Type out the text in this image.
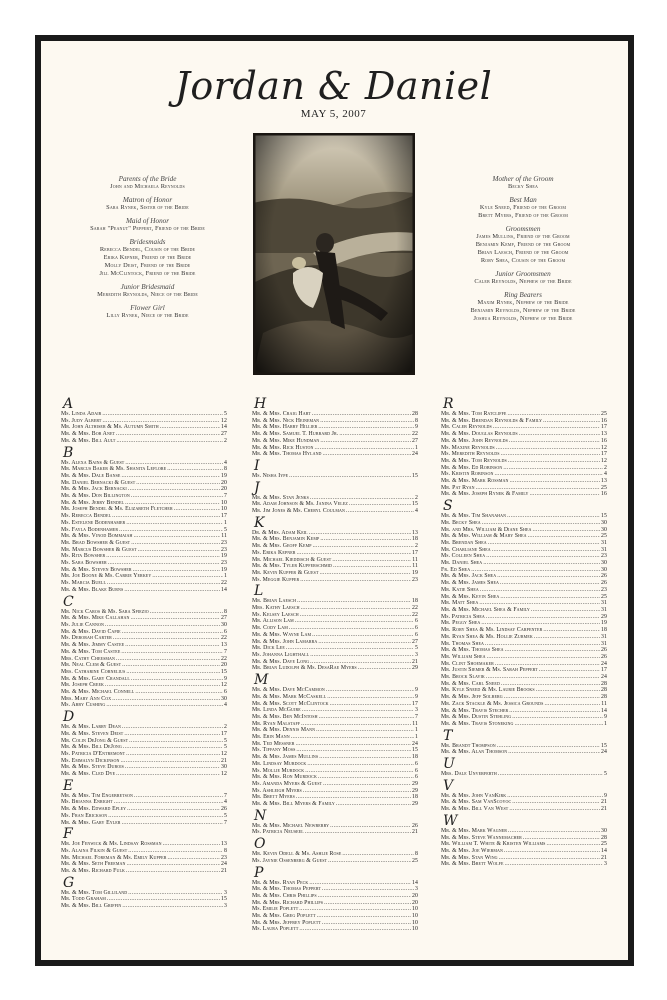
Jordan & Daniel
MAY 5, 2007
Parents of the Bride
John and Michaela Reynolds
Matron of Honor
Sara Rynek, Sister of the Bride
Maid of Honor
Sarah "Peanut" Peppert, Friend of the Bride
Bridesmaids
Rebecca Bendel, Cousin of the Bride
Erika Kepner, Friend of the Bride
Molly Deist, Friend of the Bride
Jill McClintock, Friend of the Bride
Junior Bridesmaid
Meredith Reynolds, Niece of the Bride
Flower Girl
Lilly Rynek, Niece of the Bride
Mother of the Groom
Becky Shea
Best Man
Kyle Sneed, Friend of the Groom
Brett Myers, Friend of the Groom
Groomsmen
James Mullins, Friend of the Groom
Benjamin Kemp, Friend of the Groom
Brian Laesch, Friend of the Groom
Rory Shea, Cousin of the Groom
Junior Groomsmen
Caleb Reynolds, Nephew of the Bride
Ring Bearers
Maxim Rynek, Nephew of the Bride
Benjamin Reynolds, Nephew of the Bride
Joshua Reynolds, Nephew of the Bride
A
Ms. Linda Adair .....	5
Ms. Judy Albert .....	12
Mr. John Althiser & Ms. Autumn Smith .....	14
Mr. & Mrs. Bob Anet .....	27
Mr. & Mrs. Bill Ault .....	2
B
Ms. Alexa Bains & Guest .....	4
Mr. Marcus Baker & Ms. Shanita Leflore .....	8
Mr. & Mrs. Dale Banse .....	19
Mr. Daniel Bernacki & Guest .....	20
Mr. & Mrs. Jack Bernacki .....	20
Mr. & Mrs. Don Billington .....	7
Mr. & Mrs. Jerry Bendel .....	10
Mr. Joseph Bendel & Ms. Elizabeth Fletcher .....	10
Ms. Rebecca Bendel .....	17
Ms. Estelene Bodenhamer .....	1
Ms. Fayla Bodenhamer .....	5
Mr. & Mrs. Vinod Bommaiah .....	11
Mr. Brad Bowsher & Guest .....	23
Mr. Marcus Bowsher & Guest .....	23
Ms. Rita Bowsher .....	19
Ms. Sara Bowsher .....	23
Mr. & Mrs. Steven Bowsher .....	19
Mr. Joe Boone & Ms. Carrie Yerkey .....	1
Ms. Marcia Buell .....	22
Mr. & Mrs. Blake Burns .....	14
C
Mr. Nick Caros & Ms. Sara Spiezio .....	8
Mr. & Mrs. Mike Callahan .....	27
Ms. Julie Cannon .....	30
Mr. & Mrs. David Capie .....	6
Ms. Deborah Carter .....	22
Mr. & Mrs. Jimmy Castee .....	13
Mr. & Mrs. Tom Castee .....	7
Mrs. Cathy Cheesman .....	22
Mr. Neal Clem & Guest .....	20
Mrs. Catharine Cornelius .....	15
Mr. & Mrs. Gary Crandall .....	9
Mr. Joseph Creek .....	12
Mr. & Mrs. Michael Connell .....	6
Mrs. Mary Ann Cox .....	30
Ms. Abby Cushing .....	4
D
Mr. & Mrs. Larry Dean .....	2
Mr. & Mrs. Steven Deist .....	17
Mr. Colin DeJong & Guest .....	5
Mr. & Mrs. Bill DeJong .....	5
Ms. Patricia D'Entremont .....	12
Ms. Emmalyn Dickinson .....	21
Mr. & Mrs. Steve Dubois .....	30
Mr. & Mrs. Cled Dye .....	12
E
Mr. & Mrs. Tim Engebretson .....	7
Ms. Brianna Enright .....	4
Mr. & Mrs. Edward Epley .....	26
Ms. Fran Erickson .....	5
Mr. & Mrs. Gary Eyler .....	7
F
Mr. Joe Fenwick & Ms. Lindsay Rossman .....	13
Ms. Alaina Filkin & Guest .....	8
Mr. Michael Foreman & Ms. Emily Kupper .....	23
Mr. & Mrs. Seth Freeman .....	24
Mr. & Mrs. Richard Fulk .....	21
G
Mr. & Mrs. Tom Gilliland .....	3
Mr. Todd Graham .....	15
Mr. & Mrs. Bill Griffin .....	3
H
Mr. & Mrs. Craig Hart .....	28
Mr. & Mrs. Nick Heineman .....	8
Mr. & Mrs. Harry Hillier .....	9
Mr. & Mrs. Samuel T. Hubbard Jr. .....	22
Mr. & Mrs. Mike Hundman .....	27
Mr. & Mrs. Rick Huston .....	1
Mr. & Mrs. Thomas Hyland .....	24
I
Ms. Nisha Iype .....	15
J
Mr. & Mrs. Stan Jenks .....	2
Mr. Adam Johnson & Ms. Janina Velez .....	15
Mr. Jim Jones & Ms. Cheryl Coulman .....	4
K
Dr. & Mrs. Adam Keil .....	13
Mr. & Mrs. Benjamin Kemp .....	18
Mr. & Mrs. Geoff Kemp .....	2
Ms. Erika Kepner .....	17
Mr. Michael Kieddisch & Guest .....	11
Mr. & Mrs. Tyler Kupferschmid .....	11
Mr. Kevin Kupper & Guest .....	19
Ms. Meggie Kupper .....	23
L
Mr. Brian Laesch .....	18
Mrs. Kathy Laesch .....	22
Ms. Kelsey Laesch .....	22
Mr. Allison Lam .....	6
Mr. Cody Lam .....	6
Mr. & Mrs. Wayne Lam .....	6
Mr. & Mrs. John Lamarra .....	27
Mr. Dick Lee .....	5
Ms. Johanna Lighthall .....	3
Mr. & Mrs. Dave Long .....	21
Mr. Brian Ludolph & Ms. DesaRae Myers .....	29
M
Mr. & Mrs. Dave McCammon .....	9
Mr. & Mrs. Mark McCaskell .....	9
Mr. & Mrs. Scott McClintock .....	17
Mr. Linda McGuire .....	3
Mr. & Mrs. Ben McIntosh .....	7
Mr. Ryan Malstaff .....	11
Mr. & Mrs. Dennis Mann .....	1
Mr. Erin Mann .....	1
Mr. Ted Messner .....	24
Ms. Tiffany Moss .....	15
Mr. & Mrs. James Mullins .....	18
Mr. Lindsay Murdock .....	6
Ms. Mollie Murdock .....	6
Mr. & Mrs. Ron Murdock .....	6
Ms. Amanda Myers & Guest .....	29
Ms. Ashleigh Myers .....	29
Mr. Brett Myers .....	18
Mr. & Mrs. Bill Myers & Family .....	29
N
Mr. & Mrs. Michael Newberry .....	26
Ms. Patricia Neuseel .....	21
O
Mr. Kevin Odell & Ms. Ashlie Rose .....	8
Ms. Jaynie Ossenberg & Guest .....	25
P
Mr. & Mrs. Ryan Peck .....	14
Mr. & Mrs. Thomas Peppert .....	3
Mr. & Mrs. Chris Phillips .....	20
Mr. & Mrs. Richard Phillips .....	20
Ms. Emilie Poplett .....	10
Mr. & Mrs. Greg Poplett .....	10
Mr. & Mrs. Jeffrey Poplett .....	10
Ms. Laura Poplett .....	10
R
Mr. & Mrs. Tom Ratcliffe .....	25
Mr. & Mrs. Brendan Reynolds & Family .....	16
Mr. Caleb Reynolds .....	17
Mr. & Mrs. Douglas Reynolds .....	13
Mr. & Mrs. John Reynolds .....	16
Ms. Maxine Reynolds .....	12
Ms. Meredith Reynolds .....	17
Mr. & Mrs. Tom Reynolds .....	12
Mr. & Mrs. Ed Robinson .....	2
Ms. Kristin Robinson .....	4
Mr. & Mrs. Mark Rossman .....	13
Mr. Pat Ryan .....	25
Mr. & Mrs. Joseph Rynek & Family .....	16
S
Mr. & Mrs. Tim Shanahan .....	15
Mr. Becky Shea .....	30
Mr. and Mrs. William & Diane Shea .....	30
Mr. & Mrs. William & Mary Shea .....	25
Mr. Brendan Shea .....	31
Mr. Charliane Shea .....	31
Ms. Colleen Shea .....	23
Mr. Daniel Shea .....	30
Fr. Ed Shea .....	30
Mr. & Mrs. Jack Shea .....	26
Mr. & Mrs. James Shea .....	26
Mr. Katie Shea .....	23
Mr. & Mrs. Kevin Shea .....	25
Mr. Matt Shea .....	31
Mr. & Mrs. Michael Shea & Family .....	31
Ms. Patricia Shea .....	29
Mr. Peggy Shea .....	19
Mr. Rory Shea & Ms. Lindsay Carpenter .....	18
Mr. Ryan Shea & Ms. Hollie Zurmek .....	31
Mr. Thomas Shea .....	31
Mr. & Mrs. Thomas Shea .....	26
Mr. William Shea .....	26
Mr. Clint Shoemaker .....	24
Mr. Justin Siemer & Ms. Sarah Peppert .....	17
Mr. Brock Slavik .....	24
Mr. & Mrs. Carl Sneed .....	28
Mr. Kyle Sneed & Ms. Laurie Brooks .....	28
Mr. & Mrs. Jeff Solberg .....	28
Mr. Zack Stackle & Ms. Jessica Grounds .....	11
Mr. & Mrs. Travis Stecher .....	14
Mr. & Mrs. Dustin Stehling .....	9
Mr. & Mrs. Travis Stoneking .....	1
T
Mr. Brandt Thompson .....	15
Mr. & Mrs. Alan Thomson .....	24
U
Mrs. Dale Unverferth .....	5
V
Mr. & Mrs. John VanKirk .....	9
Mr. & Mrs. Sam VanScoyoc .....	21
Mr. & Mrs. Bill Van West .....	21
W
Mr. & Mrs. Mark Wagner .....	30
Mr. & Mrs. Steve Wannemacher .....	28
Mr. William T. White & Kristen Williams .....	25
Mr. & Mrs. Joe Wierman .....	14
Mr. & Mrs. Stan Wing .....	21
Mr. & Mrs. Brett Wolfe .....	3
